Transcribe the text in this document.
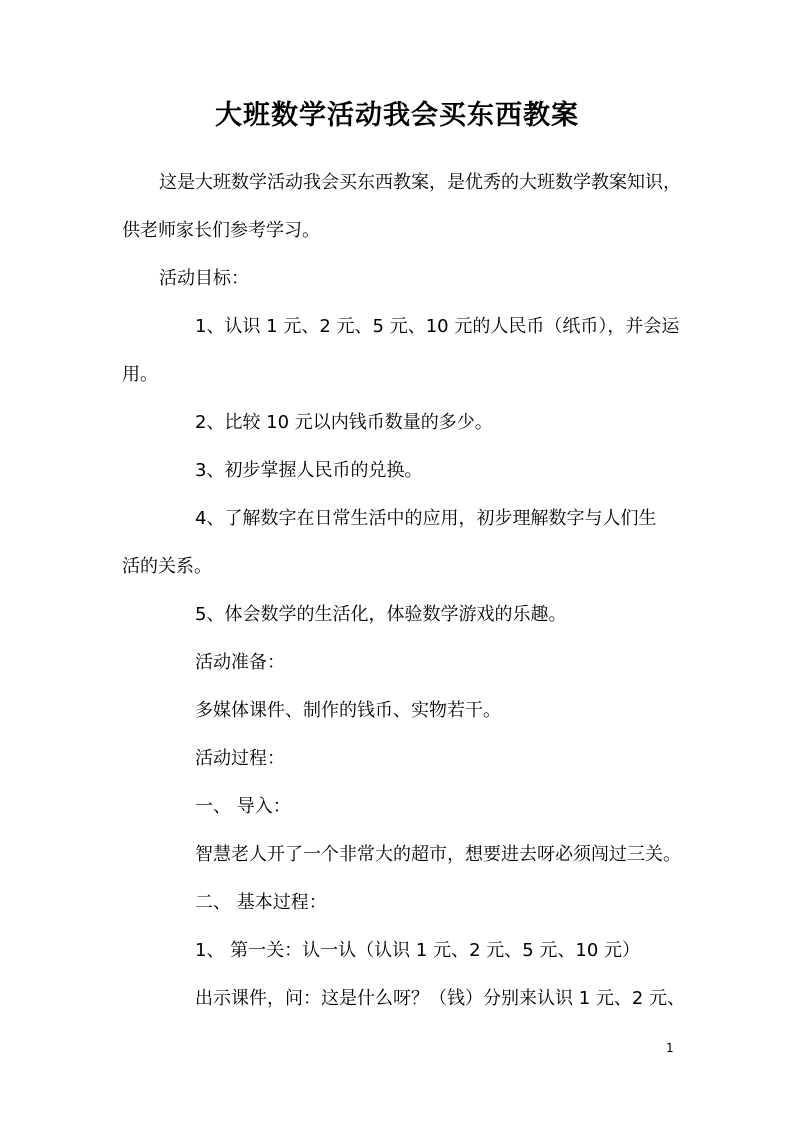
大班数学活动我会买东西教案
这是大班数学活动我会买东西教案，是优秀的大班数学教案知识，
供老师家长们参考学习。
活动目标：
1、认识 1 元、2 元、5 元、10 元的人民币（纸币），并会运
用。
2、比较 10 元以内钱币数量的多少。
3、初步掌握人民币的兑换。
4、了解数字在日常生活中的应用，初步理解数字与人们生
活的关系。
5、体会数学的生活化，体验数学游戏的乐趣。
活动准备：
多媒体课件、制作的钱币、实物若干。
活动过程：
一、 导入：
智慧老人开了一个非常大的超市，想要进去呀必须闯过三关。
二、 基本过程：
1、 第一关：认一认（认识 1 元、2 元、5 元、10 元）
出示课件，问：这是什么呀？（钱）分别来认识 1 元、2 元、
1
